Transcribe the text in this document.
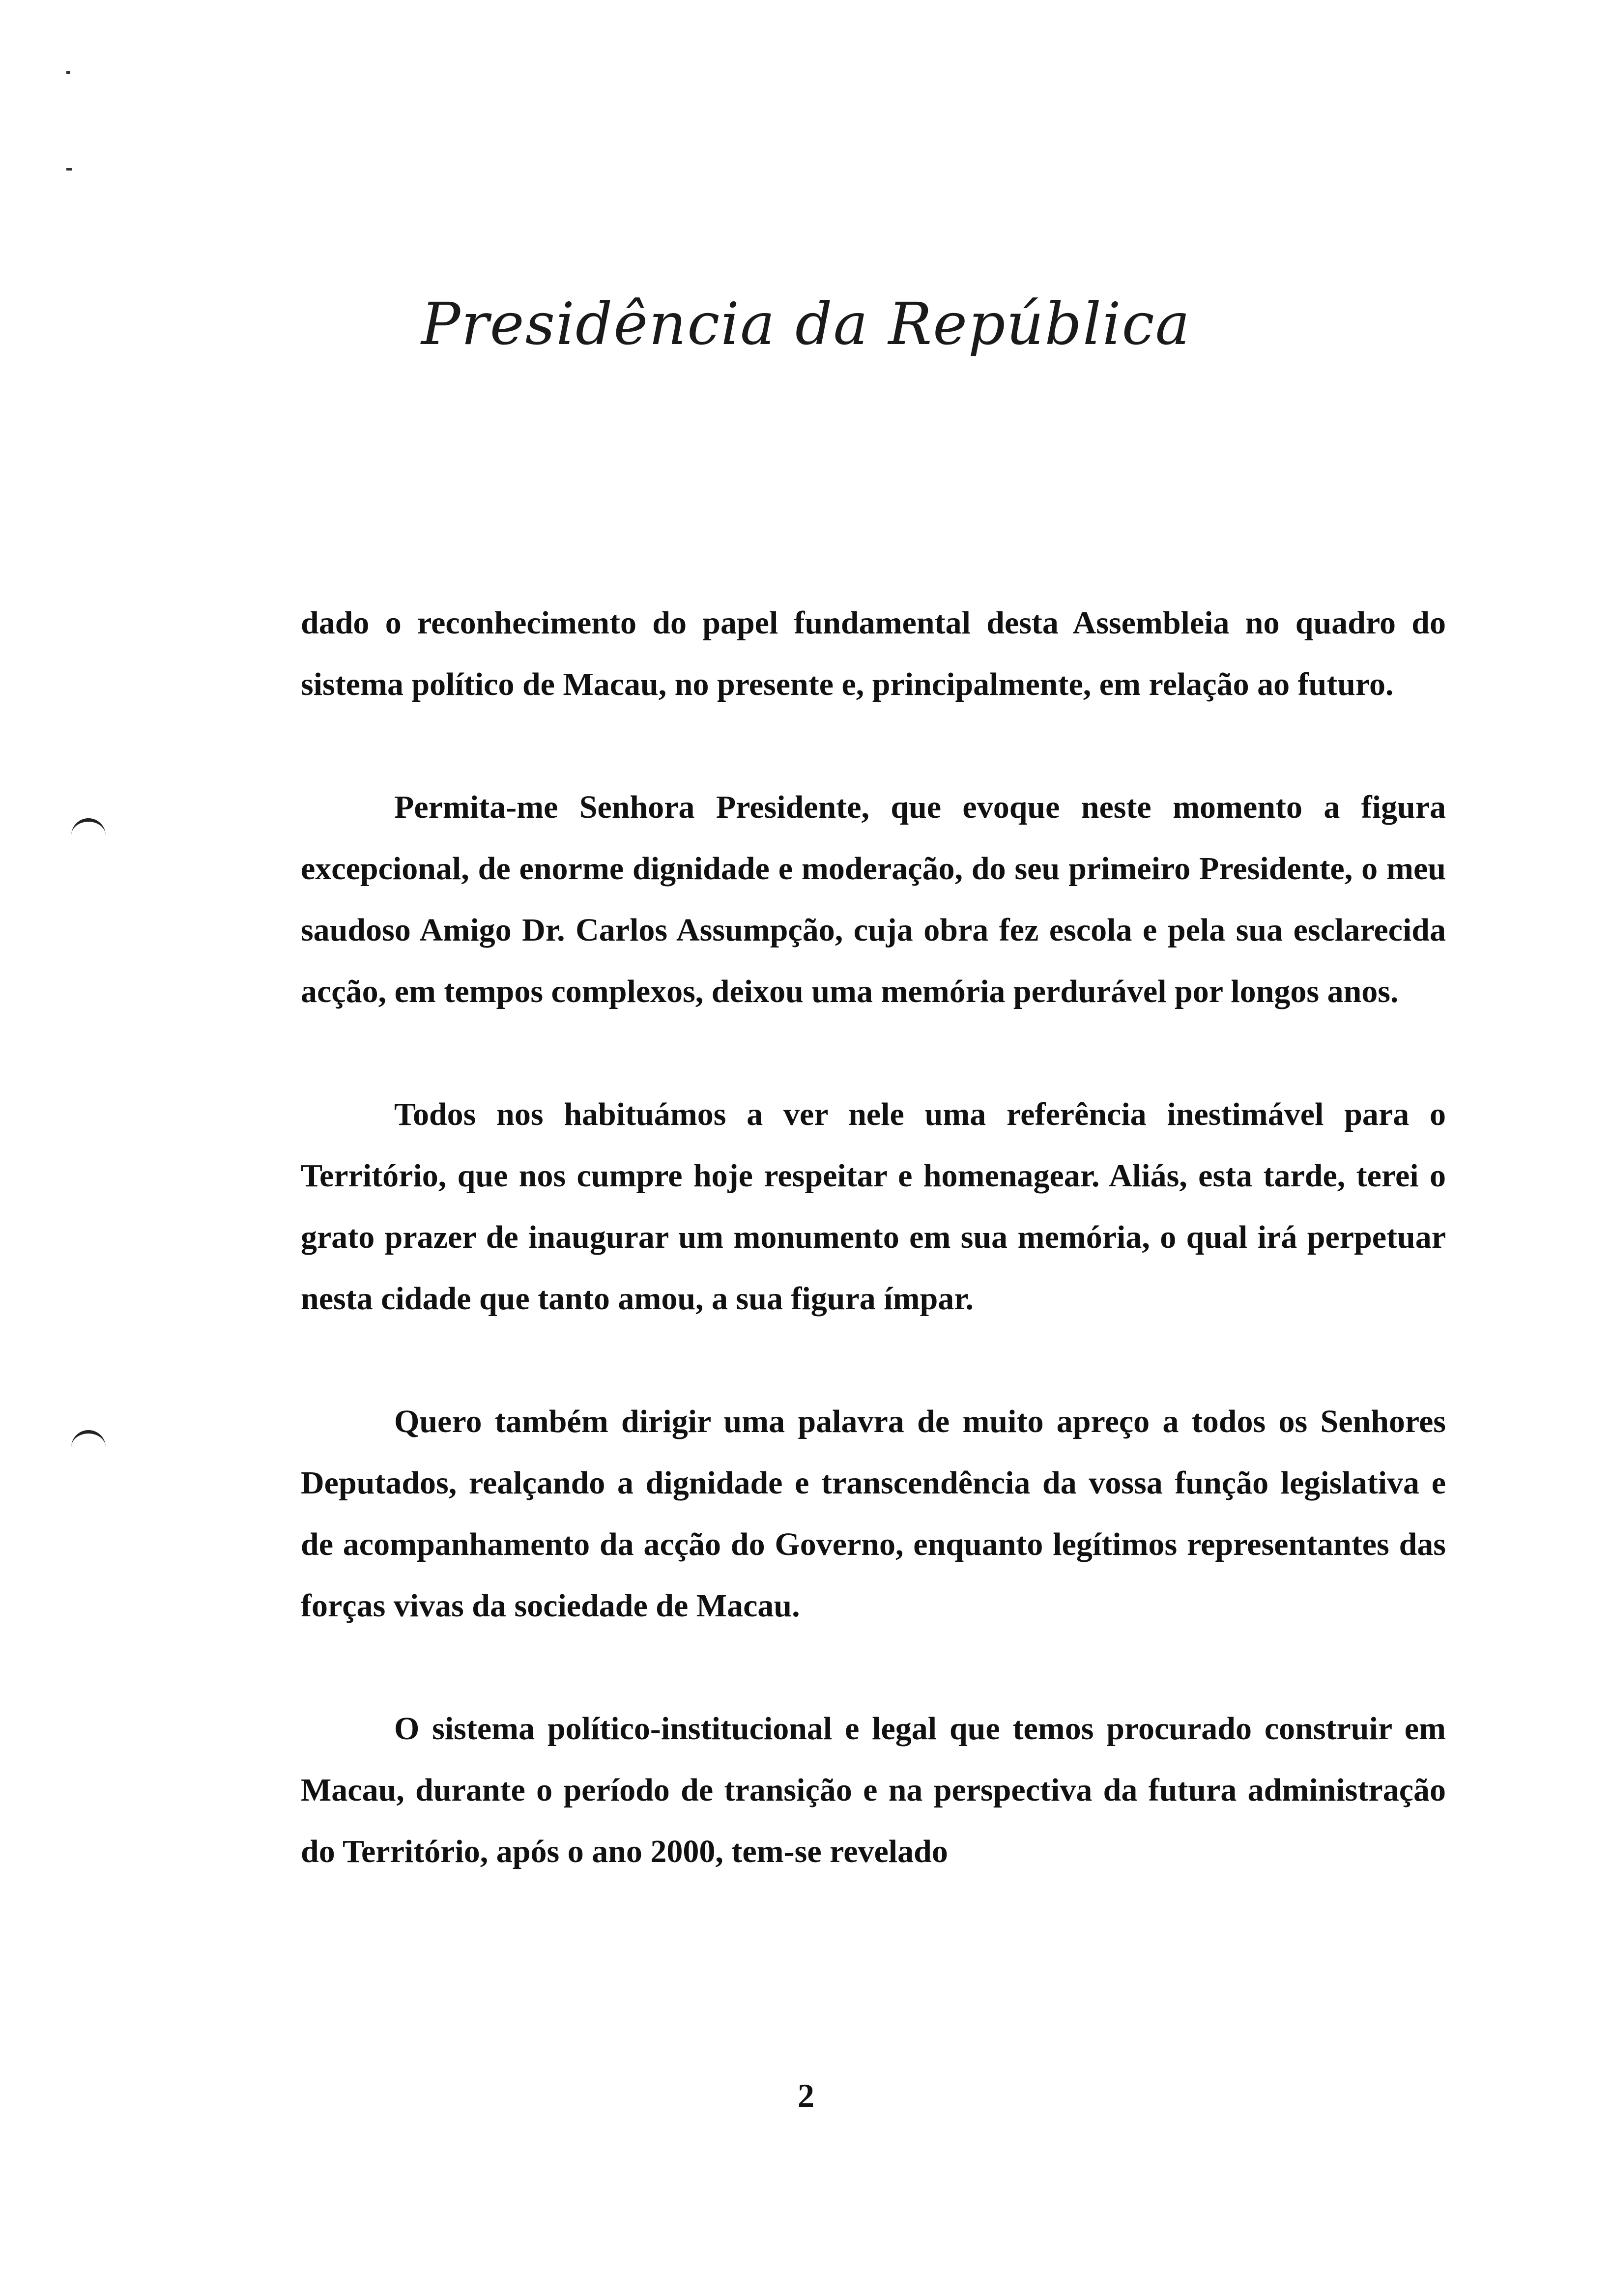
Presidência da República

dado o reconhecimento do papel fundamental desta Assembleia no quadro do sistema político de Macau, no presente e, principalmente, em relação ao futuro.

Permita-me Senhora Presidente, que evoque neste momento a figura excepcional, de enorme dignidade e moderação, do seu primeiro Presidente, o meu saudoso Amigo Dr. Carlos Assumpção, cuja obra fez escola e pela sua esclarecida acção, em tempos complexos, deixou uma memória perdurável por longos anos.

Todos nos habituámos a ver nele uma referência inestimável para o Território, que nos cumpre hoje respeitar e homenagear. Aliás, esta tarde, terei o grato prazer de inaugurar um monumento em sua memória, o qual irá perpetuar nesta cidade que tanto amou, a sua figura ímpar.

Quero também dirigir uma palavra de muito apreço a todos os Senhores Deputados, realçando a dignidade e transcendência da vossa função legislativa e de acompanhamento da acção do Governo, enquanto legítimos representantes das forças vivas da sociedade de Macau.

O sistema político-institucional e legal que temos procurado construir em Macau, durante o período de transição e na perspectiva da futura administração do Território, após o ano 2000, tem-se revelado

2
